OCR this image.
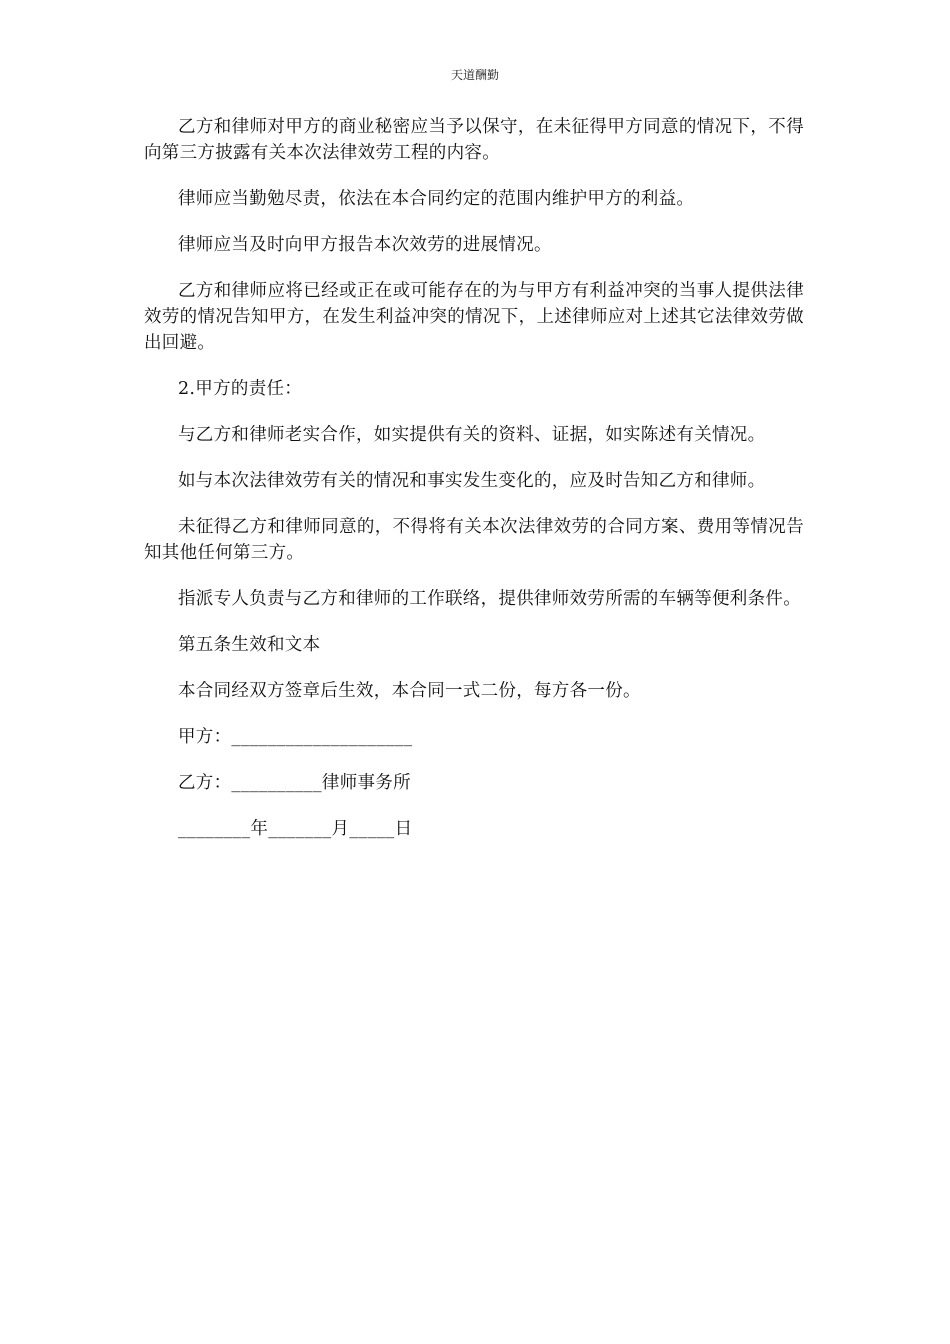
天道酬勤

乙方和律师对甲方的商业秘密应当予以保守，在未征得甲方同意的情况下，不得向第三方披露有关本次法律效劳工程的内容。

律师应当勤勉尽责，依法在本合同约定的范围内维护甲方的利益。

律师应当及时向甲方报告本次效劳的进展情况。

乙方和律师应将已经或正在或可能存在的为与甲方有利益冲突的当事人提供法律效劳的情况告知甲方，在发生利益冲突的情况下，上述律师应对上述其它法律效劳做出回避。

2.甲方的责任：

与乙方和律师老实合作，如实提供有关的资料、证据，如实陈述有关情况。

如与本次法律效劳有关的情况和事实发生变化的，应及时告知乙方和律师。

未征得乙方和律师同意的，不得将有关本次法律效劳的合同方案、费用等情况告知其他任何第三方。

指派专人负责与乙方和律师的工作联络，提供律师效劳所需的车辆等便利条件。

第五条生效和文本

本合同经双方签章后生效，本合同一式二份，每方各一份。

甲方：____________________

乙方：__________律师事务所

________年_______月_____日
